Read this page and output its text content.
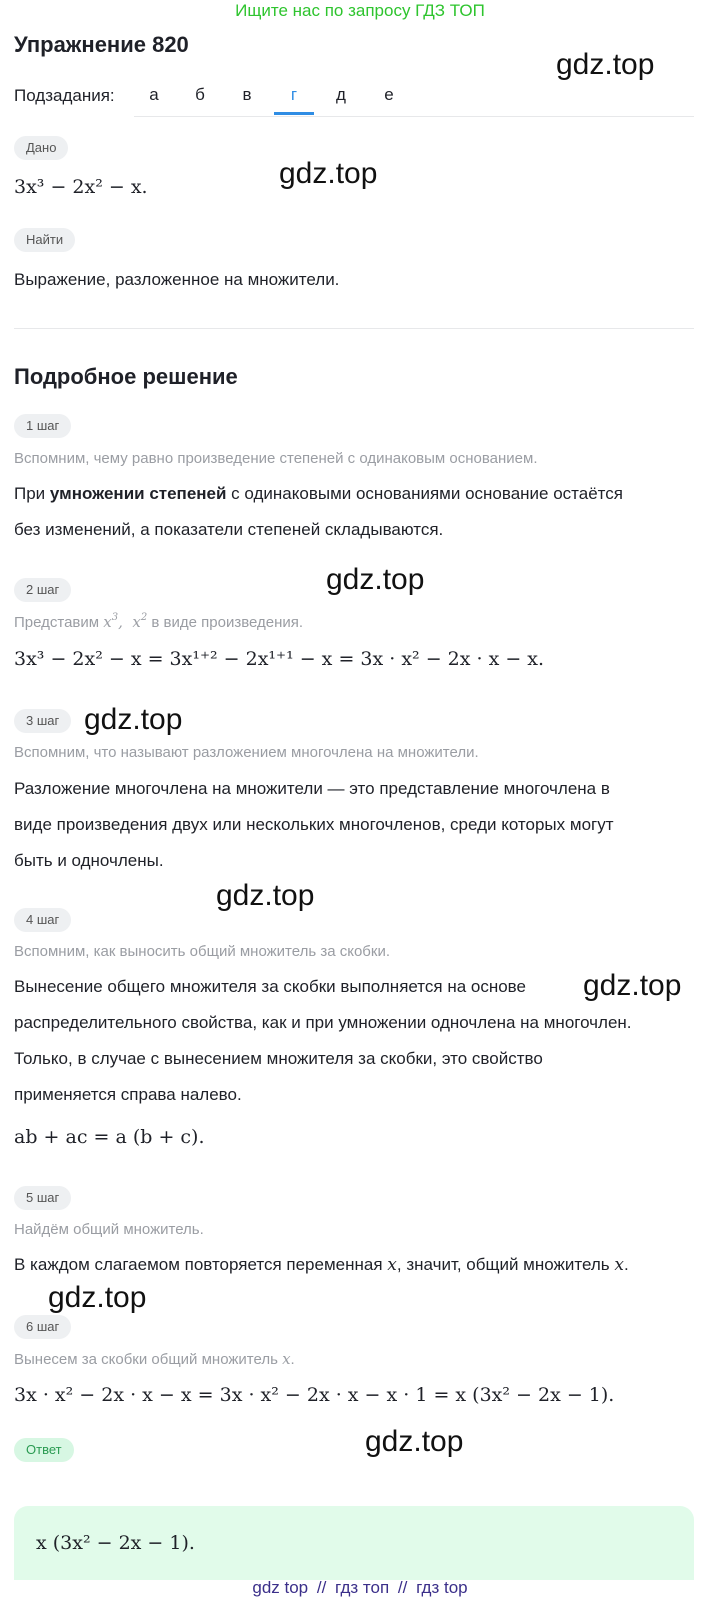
Ищите нас по запросу ГДЗ ТОП
Упражнение 820
gdz.top
gdz.top
gdz.top
gdz.top
gdz.top
gdz.top
gdz.top
gdz.top
Подзадания:	а	б	в	г	д	е
Дано
3x³ − 2x² − x.
Найти
Выражение, разложенное на множители.
Подробное решение
1 шаг
Вспомним, чему равно произведение степеней с одинаковым основанием.
При умножении степеней с одинаковыми основаниями основание остаётся
без изменений, а показатели степеней складываются.
2 шаг
Представим $x^3$,  $x^2$ в виде произведения.
3x³ − 2x² − x = 3x¹⁺² − 2x¹⁺¹ − x = 3x · x² − 2x · x − x.
3 шаг
Вспомним, что называют разложением многочлена на множители.
Разложение многочлена на множители — это представление многочлена в
виде произведения двух или нескольких многочленов, среди которых могут
быть и одночлены.
4 шаг
Вспомним, как выносить общий множитель за скобки.
Вынесение общего множителя за скобки выполняется на основе
распределительного свойства, как и при умножении одночлена на многочлен.
Только, в случае с вынесением множителя за скобки, это свойство
применяется справа налево.
ab + ac = a (b + c).
5 шаг
Найдём общий множитель.
В каждом слагаемом повторяется переменная x, значит, общий множитель x.
6 шаг
Вынесем за скобки общий множитель x.
3x · x² − 2x · x − x = 3x · x² − 2x · x − x · 1 = x (3x² − 2x − 1).
Ответ
x (3x² − 2x − 1).
gdz top // гдз топ // гдз top
